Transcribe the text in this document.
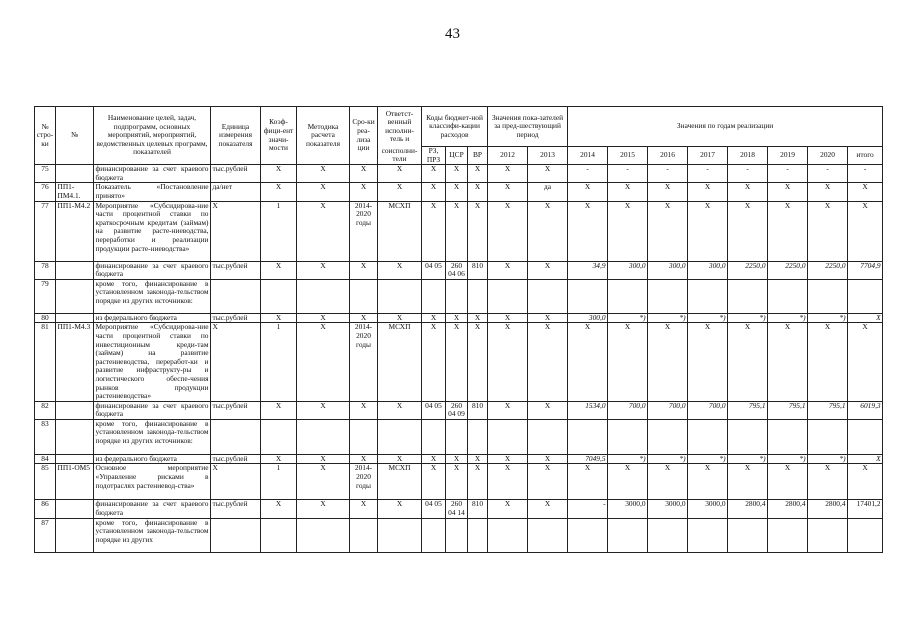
43
№ стро-ки	№	Наименование целей, задач, подпрограмм, основных мероприятий, мероприятий, ведомственных целевых программ, показателей	Единица измерения показателя	Коэф-фици-ент значи-мости	Методика расчета показателя	Сро-ки реа-лиза ции	Ответст-венный исполни-тель и	Коды бюджет-ной классифи-кации расходов			Значения пока-зателей за пред-шествующий период		Значения по годам реализации							
							соисполни-тели	РЗ, ПРЗ	ЦСР	ВР	2012	2013	2014	2015	2016	2017	2018	2019	2020	итого
75		финансирование за счет краевого бюджета	тыс.рублей	Х	Х	Х	Х	Х	Х	Х	Х	Х	-	-	-	-	-	-	-	-
76	ПП1-ПМ4.1.	Показатель «Постановление принято»	да/нет	Х	Х	Х	Х	Х	Х	Х	Х	да	Х	Х	Х	Х	Х	Х	Х	Х
77	ПП1-М4.2	Мероприятие «Субсидирова-ние части процентной ставки по краткосрочным кредитам (займам) на развитие расте-ниеводства, переработки и реализации продукции расте-ниеводства»	Х	1	Х	2014-2020 годы	МСХП	Х	Х	Х	Х	Х	Х	Х	Х	Х	Х	Х	Х	Х
78		финансирование за счет краевого бюджета	тыс.рублей	Х	Х	Х	Х	04 05	260 04 06	810	Х	Х	34,9	300,0	300,0	300,0	2250,0	2250,0	2250,0	7704,9
79		кроме того, финансирование в установленном законода-тельством порядке из других источников:																		
80		из федерального бюджета	тыс.рублей	Х	Х	Х	Х	Х	Х	Х	Х	Х	300,0	*)	*)	*)	*)	*)	*)	Х
81	ПП1-М4.3	Мероприятие «Субсидирова-ние части процентной ставки по инвестиционным креди-там (займам) на развитие растениеводства, переработ-ки и развитие инфраструкту-ры и логистического обеспе-чения рынков продукции растениеводства»	Х	1	Х	2014-2020 годы	МСХП	Х	Х	Х	Х	Х	Х	Х	Х	Х	Х	Х	Х	Х
82		финансирование за счет краевого бюджета	тыс.рублей	Х	Х	Х	Х	04 05	260 04 09	810	Х	Х	1534,0	700,0	700,0	700,0	795,1	795,1	795,1	6019,3
83		кроме того, финансирование в установленном законода-тельством порядке из других источников:																		
84		из федерального бюджета	тыс.рублей	Х	Х	Х	Х	Х	Х	Х	Х	Х	7049,5	*)	*)	*)	*)	*)	*)	Х
85	ПП1-ОМ5	Основное мероприятие «Управление рисками в подотраслях растениевод-ства»	Х	1	Х	2014-2020 годы	МСХП	Х	Х	Х	Х	Х	Х	Х	Х	Х	Х	Х	Х	Х
86		финансирование за счет краевого бюджета	тыс.рублей	Х	Х	Х	Х	04 05	260 04 14	810	Х	Х	-	3000,0	3000,0	3000,0	2800,4	2800,4	2800,4	17401,2
87		кроме того, финансирование в установленном законода-тельством порядке из других																		
